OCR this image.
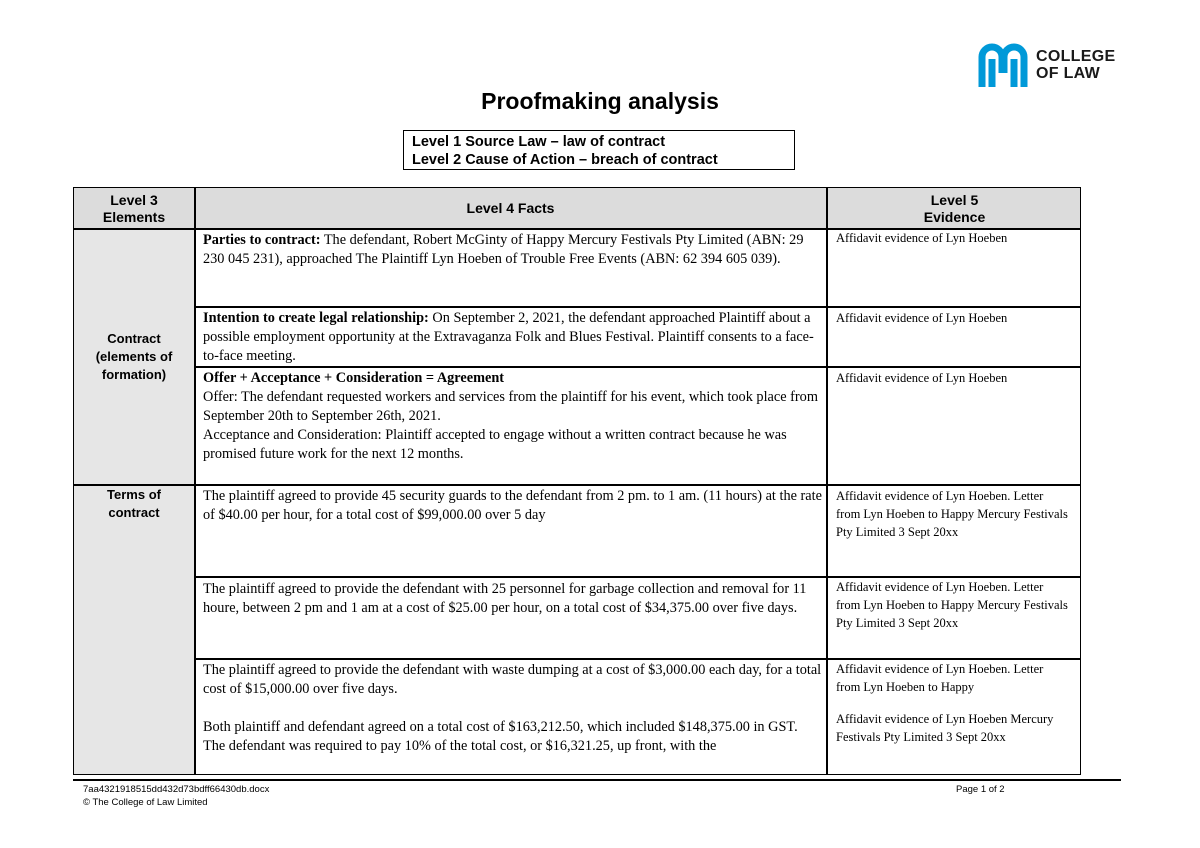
COLLEGE
OF LAW
Proofmaking analysis
Level 1 Source Law – law of contract
Level 2 Cause of Action – breach of contract
Level 3
Elements
Level 4 Facts
Level 5
Evidence
Contract
(elements of
formation)
Terms of
contract

Parties to contract: The defendant, Robert McGinty of Happy Mercury Festivals Pty Limited (ABN: 29 230 045 231), approached The Plaintiff Lyn Hoeben of Trouble Free Events (ABN: 62 394 605 039).

Affidavit evidence of Lyn Hoeben

Intention to create legal relationship: On September 2, 2021, the defendant approached Plaintiff about a possible employment opportunity at the Extravaganza Folk and Blues Festival. Plaintiff consents to a face-to-face meeting.

Affidavit evidence of Lyn Hoeben

Offer + Acceptance + Consideration = Agreement

Offer: The defendant requested workers and services from the plaintiff for his event, which took place from September 20th to September 26th, 2021.

Acceptance and Consideration: Plaintiff accepted to engage without a written contract because he was promised future work for the next 12 months.

Affidavit evidence of Lyn Hoeben

The plaintiff agreed to provide 45 security guards to the defendant from 2 pm. to 1 am. (11 hours) at the rate of $40.00 per hour, for a total cost of $99,000.00 over 5 day

Affidavit evidence of Lyn Hoeben. Letter from Lyn Hoeben to Happy Mercury Festivals Pty Limited 3 Sept 20xx

The plaintiff agreed to provide the defendant with 25 personnel for garbage collection and removal for 11 houre, between 2 pm and 1 am at a cost of $25.00 per hour, on a total cost of $34,375.00 over five days.

Affidavit evidence of Lyn Hoeben. Letter from Lyn Hoeben to Happy Mercury Festivals Pty Limited 3 Sept 20xx

The plaintiff agreed to provide the defendant with waste dumping at a cost of $3,000.00 each day, for a total cost of $15,000.00 over five days.

Both plaintiff and defendant agreed on a total cost of $163,212.50, which included $148,375.00 in GST.

The defendant was required to pay 10% of the total cost, or $16,321.25, up front, with the

Affidavit evidence of Lyn Hoeben. Letter from Lyn Hoeben to Happy

Affidavit evidence of Lyn Hoeben Mercury Festivals Pty Limited 3 Sept 20xx

7aa4321918515dd432d73bdff66430db.docx
© The College of Law Limited
Page 1 of 2
